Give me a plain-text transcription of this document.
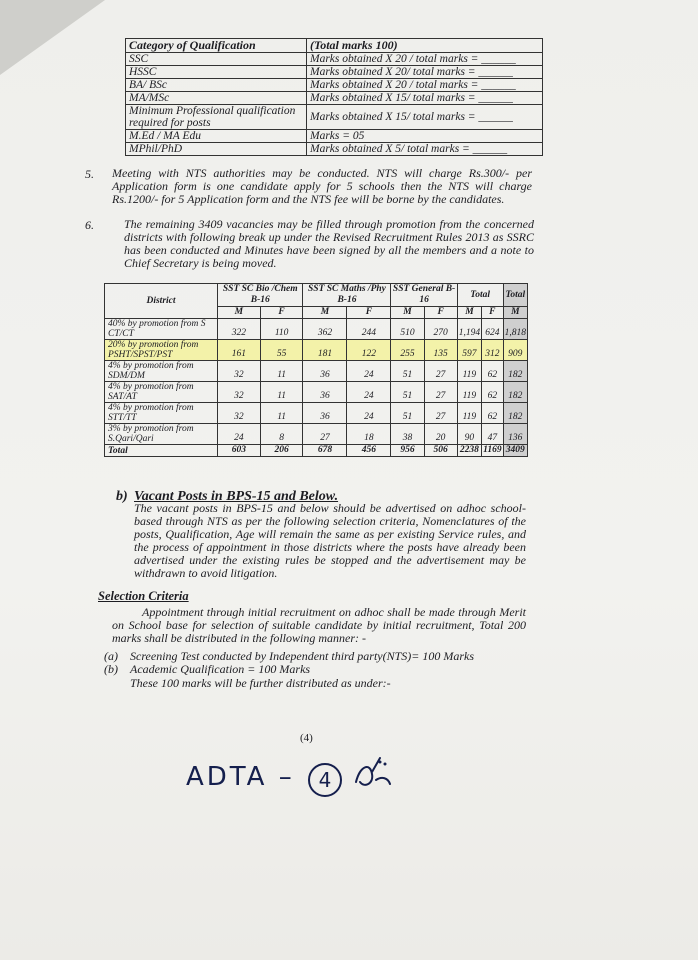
Category of Qualification	(Total marks 100)
SSC	Marks obtained X 20 / total marks = ______
HSSC	Marks obtained X 20/ total marks = ______
BA/ BSc	Marks obtained X 20 / total marks = ______
MA/MSc	Marks obtained X 15/ total marks = ______
Minimum Professional qualification required for posts	Marks obtained X 15/ total marks = ______
M.Ed / MA Edu	Marks = 05
MPhil/PhD	Marks obtained X 5/ total marks = ______
5. Meeting with NTS authorities may be conducted. NTS will charge Rs.300/- per Application form is one candidate apply for 5 schools then the NTS will charge Rs.1200/- for 5 Application form and the NTS fee will be borne by the candidates.
6.	The remaining 3409 vacancies may be filled through promotion from the concerned districts with following break up under the Revised Recruitment Rules 2013 as SSRC has been conducted and Minutes have been signed by all the members and a note to Chief Secretary is being moved.
District	SST SC Bio /Chem B-16		SST SC Maths /Phy B-16		SST General B-16		Total		Total
	M	F	M	F	M	F	M	F	M
40% by promotion from S CT/CT	322	110	362	244	510	270	1,194	624	1,818
20% by promotion from PSHT/SPST/PST	161	55	181	122	255	135	597	312	909
4% by promotion from SDM/DM	32	11	36	24	51	27	119	62	182
4% by promotion from SAT/AT	32	11	36	24	51	27	119	62	182
4% by promotion from STT/TT	32	11	36	24	51	27	119	62	182
3% by promotion from S.Qari/Qari	24	8	27	18	38	20	90	47	136
Total	603	206	678	456	956	506	2238	1169	3409
b) Vacant Posts in BPS-15 and Below.
The vacant posts in BPS-15 and below should be advertised on adhoc school-based through NTS as per the following selection criteria, Nomenclatures of the posts, Qualification, Age will remain the same as per existing Service rules, and the process of appointment in those districts where the posts have already been advertised under the existing rules be stopped and the advertisement may be withdrawn to avoid litigation.
Selection Criteria
Appointment through initial recruitment on adhoc shall be made through Merit on School base for selection of suitable candidate by initial recruitment, Total 200 marks shall be distributed in the following manner: -
(a) Screening Test conducted by Independent third party(NTS)= 100 Marks
(b) Academic Qualification = 100 Marks
These 100 marks will be further distributed as under:-
(4)
ADTA –	4
